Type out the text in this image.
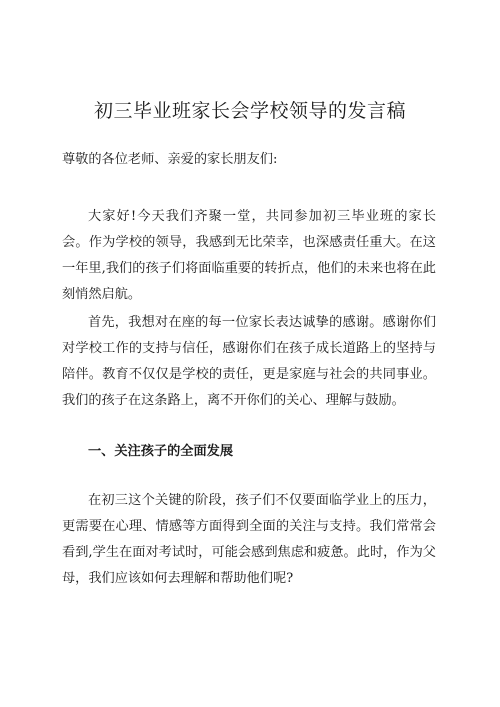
初三毕业班家长会学校领导的发言稿

尊敬的各位老师、亲爱的家长朋友们:

大家好!今天我们齐聚一堂，共同参加初三毕业班的家长会。作为学校的领导，我感到无比荣幸，也深感责任重大。在这一年里,我们的孩子们将面临重要的转折点，他们的未来也将在此刻悄然启航。

首先，我想对在座的每一位家长表达诚挚的感谢。感谢你们对学校工作的支持与信任，感谢你们在孩子成长道路上的坚持与陪伴。教育不仅仅是学校的责任，更是家庭与社会的共同事业。我们的孩子在这条路上，离不开你们的关心、理解与鼓励。

一、关注孩子的全面发展

在初三这个关键的阶段，孩子们不仅要面临学业上的压力，更需要在心理、情感等方面得到全面的关注与支持。我们常常会看到,学生在面对考试时，可能会感到焦虑和疲惫。此时，作为父母，我们应该如何去理解和帮助他们呢?
